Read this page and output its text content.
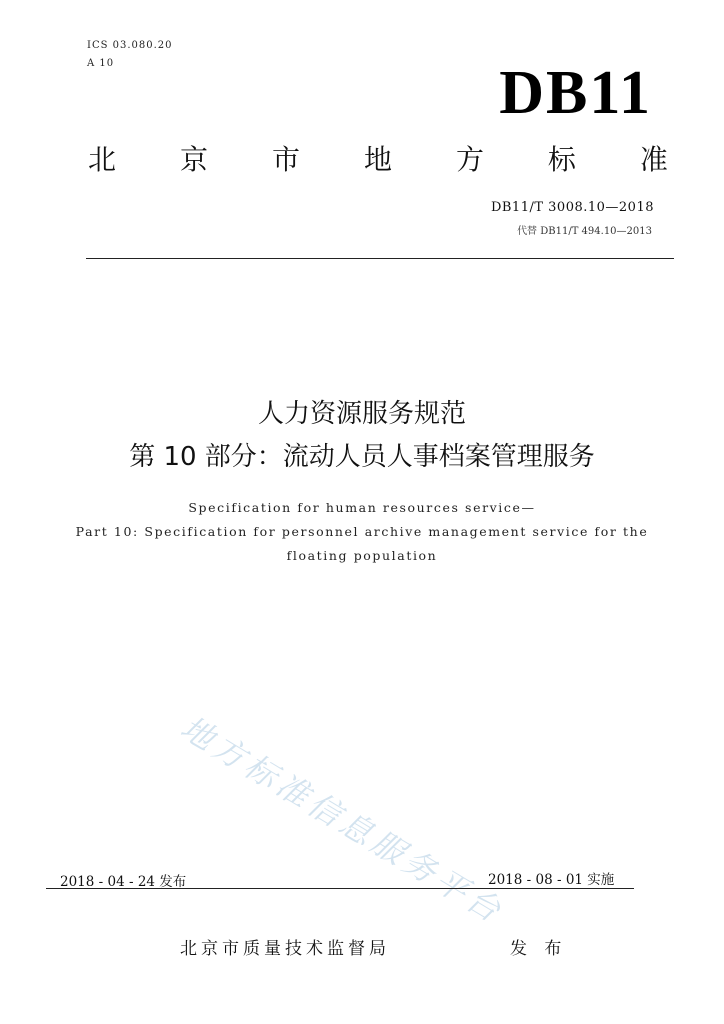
ICS 03.080.20
A 10	DB11
北 京 市 地 方 标 准
DB11/T 3008.10—2018
代替 DB11/T 494.10—2013
人力资源服务规范
第 10 部分：流动人员人事档案管理服务
Specification for human resources service—
Part 10: Specification for personnel archive management service for the
floating population
地方标准信息服务平台
2018 - 04 - 24 发布	2018 - 08 - 01 实施
北京市质量技术监督局	发 布
